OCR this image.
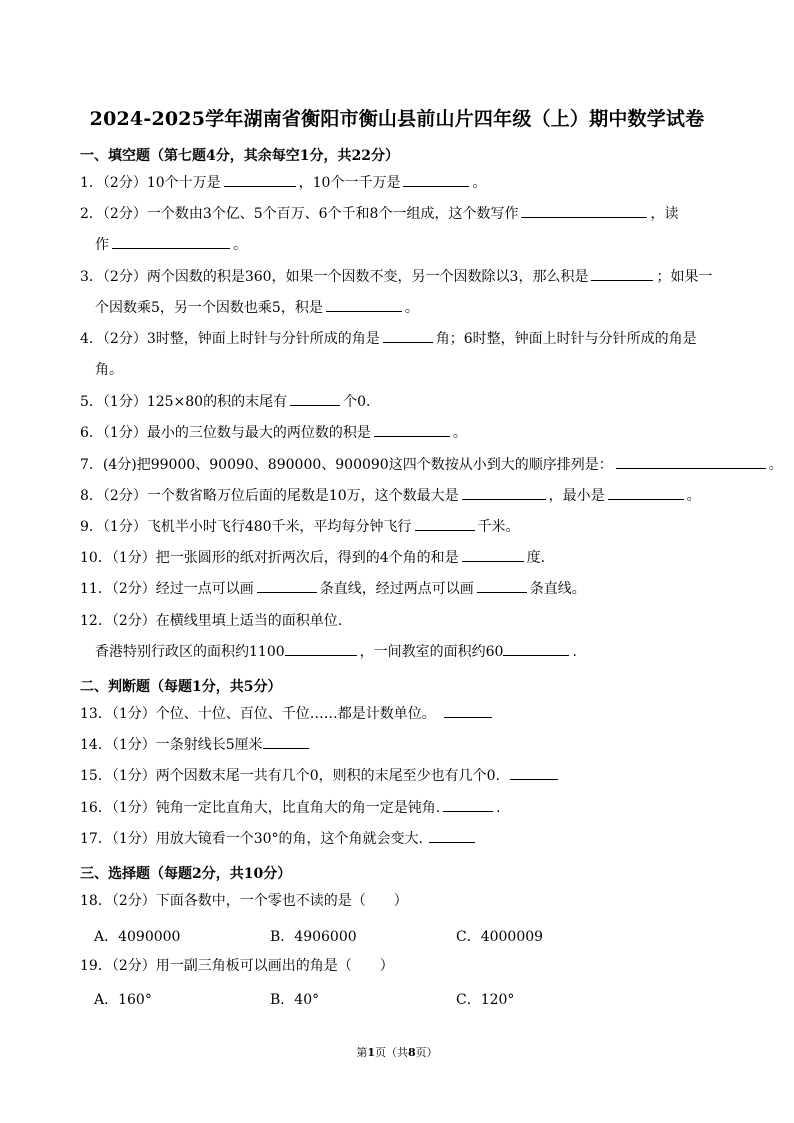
2024-2025学年湖南省衡阳市衡山县前山片四年级（上）期中数学试卷
一、填空题（第七题4分，其余每空1分，共22分）
1．（2分）10个十万是	，10个一千万是	。
2．（2分）一个数由3个亿、5个百万、6个千和8个一组成，这个数写作	，读
作	。
3．（2分）两个因数的积是360，如果一个因数不变，另一个因数除以3，那么积是	；如果一
个因数乘5，另一个因数也乘5，积是	。
4．（2分）3时整，钟面上时针与分针所成的角是	角；6时整，钟面上时针与分针所成的角是
角。
5．（1分）125×80的积的末尾有	个0.
6．（1分）最小的三位数与最大的两位数的积是	。
7．(4分)把99000、90090、890000、900090这四个数按从小到大的顺序排列是：	。
8．（2分）一个数省略万位后面的尾数是10万，这个数最大是	，最小是	。
9．（1分）飞机半小时飞行480千米，平均每分钟飞行	千米。
10．（1分）把一张圆形的纸对折两次后，得到的4个角的和是	度.
11．（2分）经过一点可以画	条直线，经过两点可以画	条直线。
12．（2分）在横线里填上适当的面积单位.
香港特别行政区的面积约1100	，一间教室的面积约60	.
二、判断题（每题1分，共5分）
13．（1分）个位、十位、百位、千位……都是计数单位。
14．（1分）一条射线长5厘米
15．（1分）两个因数末尾一共有几个0，则积的末尾至少也有几个0.
16．（1分）钝角一定比直角大，比直角大的角一定是钝角.	.
17．（1分）用放大镜看一个30°的角，这个角就会变大.
三、选择题（每题2分，共10分）
18．（2分）下面各数中，一个零也不读的是（　　）
A．4090000	B．4906000	C．4000009
19．（2分）用一副三角板可以画出的角是（　　）
A．160°	B．40°	C．120°
第1页（共8页）
